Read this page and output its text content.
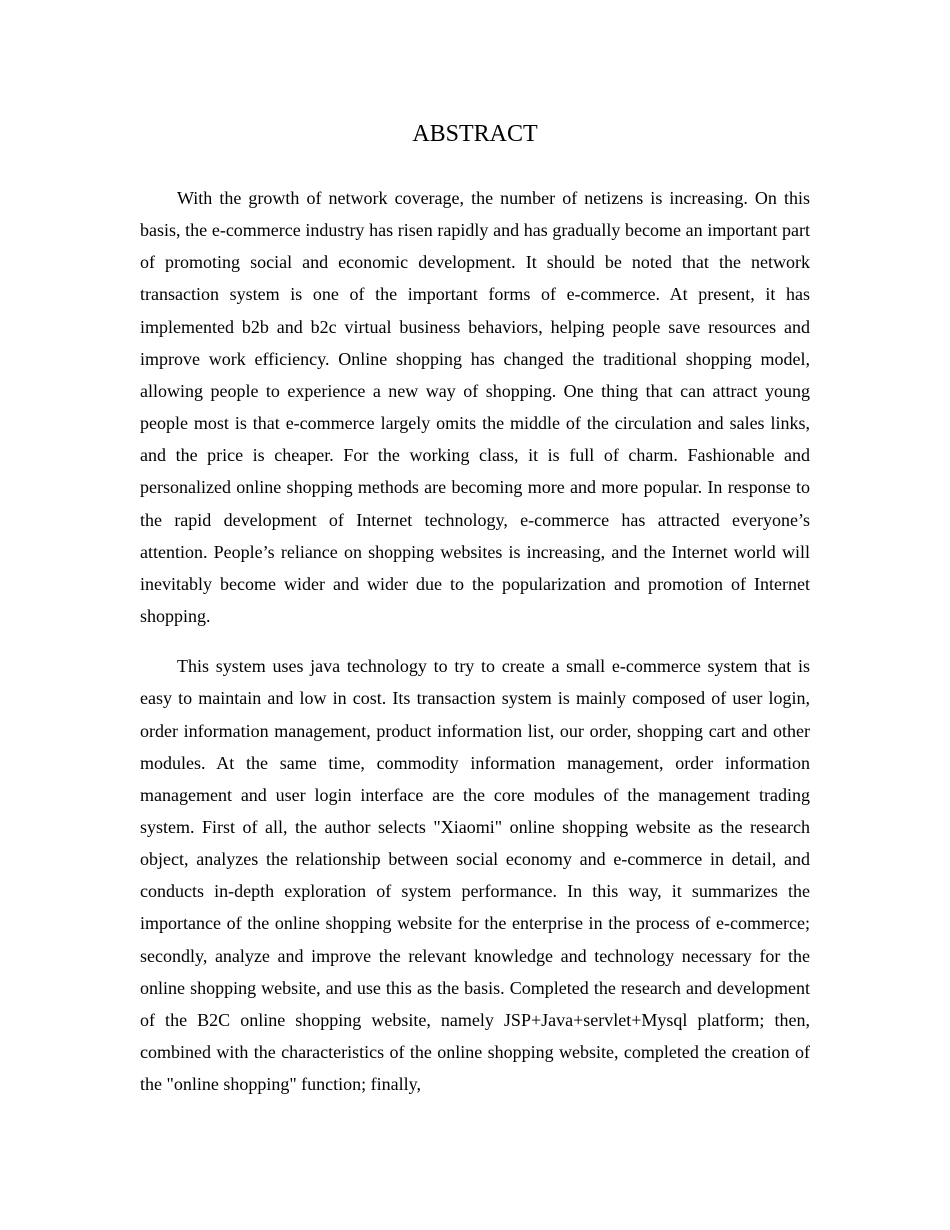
ABSTRACT

With the growth of network coverage, the number of netizens is increasing. On this basis, the e-commerce industry has risen rapidly and has gradually become an important part of promoting social and economic development. It should be noted that the network transaction system is one of the important forms of e-commerce. At present, it has implemented b2b and b2c virtual business behaviors, helping people save resources and improve work efficiency. Online shopping has changed the traditional shopping model, allowing people to experience a new way of shopping. One thing that can attract young people most is that e-commerce largely omits the middle of the circulation and sales links, and the price is cheaper. For the working class, it is full of charm. Fashionable and personalized online shopping methods are becoming more and more popular. In response to the rapid development of Internet technology, e-commerce has attracted everyone’s attention. People’s reliance on shopping websites is increasing, and the Internet world will inevitably become wider and wider due to the popularization and promotion of Internet shopping.

This system uses java technology to try to create a small e-commerce system that is easy to maintain and low in cost. Its transaction system is mainly composed of user login, order information management, product information list, our order, shopping cart and other modules. At the same time, commodity information management, order information management and user login interface are the core modules of the management trading system. First of all, the author selects "Xiaomi" online shopping website as the research object, analyzes the relationship between social economy and e-commerce in detail, and conducts in-depth exploration of system performance. In this way, it summarizes the importance of the online shopping website for the enterprise in the process of e-commerce; secondly, analyze and improve the relevant knowledge and technology necessary for the online shopping website, and use this as the basis. Completed the research and development of the B2C online shopping website, namely JSP+Java+servlet+Mysql platform; then, combined with the characteristics of the online shopping website, completed the creation of the "online shopping" function; finally,
